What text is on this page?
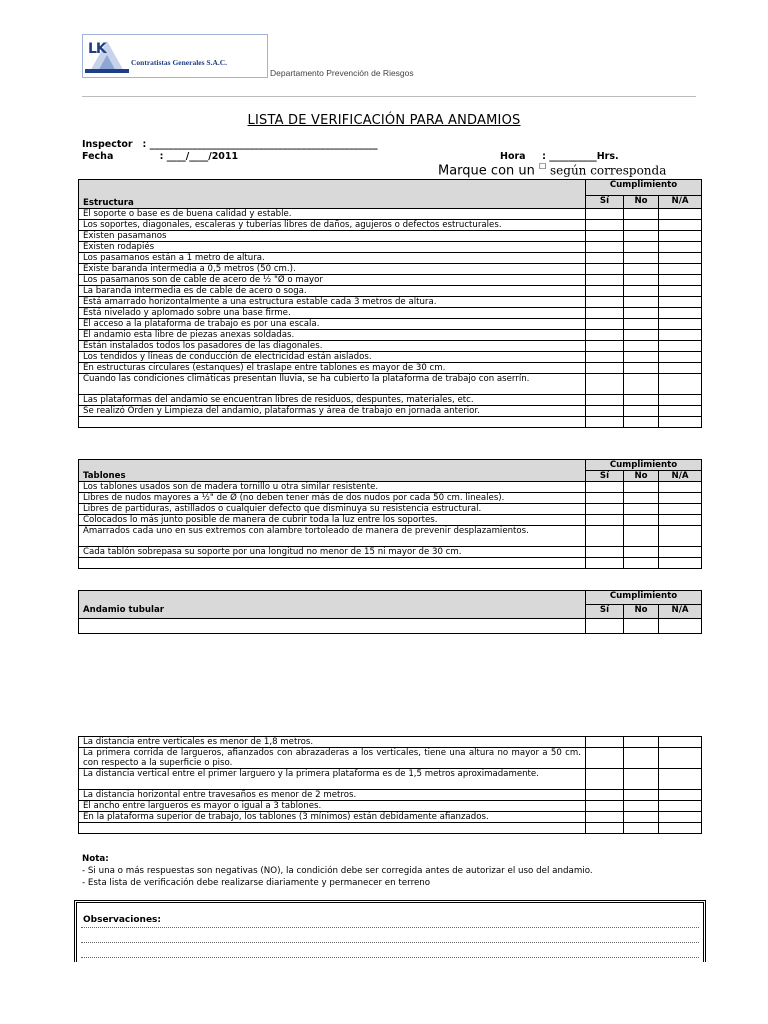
LK
Contratistas Generales S.A.C.
Departamento Prevención de Riesgos
LISTA DE VERIFICACIÓN PARA ANDAMIOS
Inspector   : ________________________________________________
Fecha              : ____/____/2011	Hora     : __________Hrs.
Marque con un ☐ según corresponda
Estructura	Cumplimiento		
	Sí	No	N/A
El soporte o base es de buena calidad y estable.			
Los soportes, diagonales, escaleras y tuberías libres de daños, agujeros o defectos estructurales.			
Existen pasamanos			
Existen rodapiés			
Los pasamanos están a 1 metro de altura.			
Existe baranda intermedia a 0,5 metros (50 cm.).			
Los pasamanos son de cable de acero de ½ "Ø o mayor			
La baranda intermedia es de cable de acero o soga.			
Está amarrado horizontalmente a una estructura estable cada 3 metros de altura.			
Está nivelado y aplomado sobre una base firme.			
El acceso a la plataforma de trabajo es por una escala.			
El andamio esta libre de piezas anexas soldadas.			
Están instalados todos los pasadores de las diagonales.			
Los tendidos y líneas de conducción de electricidad están aislados.			
En estructuras circulares (estanques) el traslape entre tablones es mayor de 30 cm.			
Cuando las condiciones climáticas presentan lluvia, se ha cubierto la plataforma de trabajo con aserrín.			
Las plataformas del andamio se encuentran libres de residuos, despuntes, materiales, etc.			
Se realizó Orden y Limpieza del andamio, plataformas y área de trabajo en jornada anterior.			

	Cumplimiento		
Tablones	Sí	No	N/A
Los tablones usados son de madera tornillo u otra similar resistente.			
Libres de nudos mayores a ½" de Ø (no deben tener más de dos nudos por cada 50 cm. lineales).			
Libres de partiduras, astillados o cualquier defecto que disminuya su resistencia estructural.			
Colocados lo más junto posible de manera de cubrir toda la luz entre los soportes.			
Amarrados cada uno en sus extremos con alambre tortoleado de manera de prevenir desplazamientos.			
Cada tablón sobrepasa su soporte por una longitud no menor de 15 ni mayor de 30 cm.			

	Cumplimiento		
Andamio tubular	Sí	No	N/A

La distancia entre verticales es menor de 1,8 metros.			
La primera corrida de largueros, afianzados con abrazaderas a los verticales, tiene una altura no mayor a 50 cm. con respecto a la superficie o piso.			
La distancia vertical entre el primer larguero y la primera plataforma es de 1,5 metros aproximadamente.			
La distancia horizontal entre travesaños es menor de 2 metros.			
El ancho entre largueros es mayor o igual a 3 tablones.			
En la plataforma superior de trabajo, los tablones (3 mínimos) están debidamente afianzados.			

Nota:
- Si una o más respuestas son negativas (NO), la condición debe ser corregida antes de autorizar el uso del andamio.
- Esta lista de verificación debe realizarse diariamente y permanecer en terreno
Observaciones:
